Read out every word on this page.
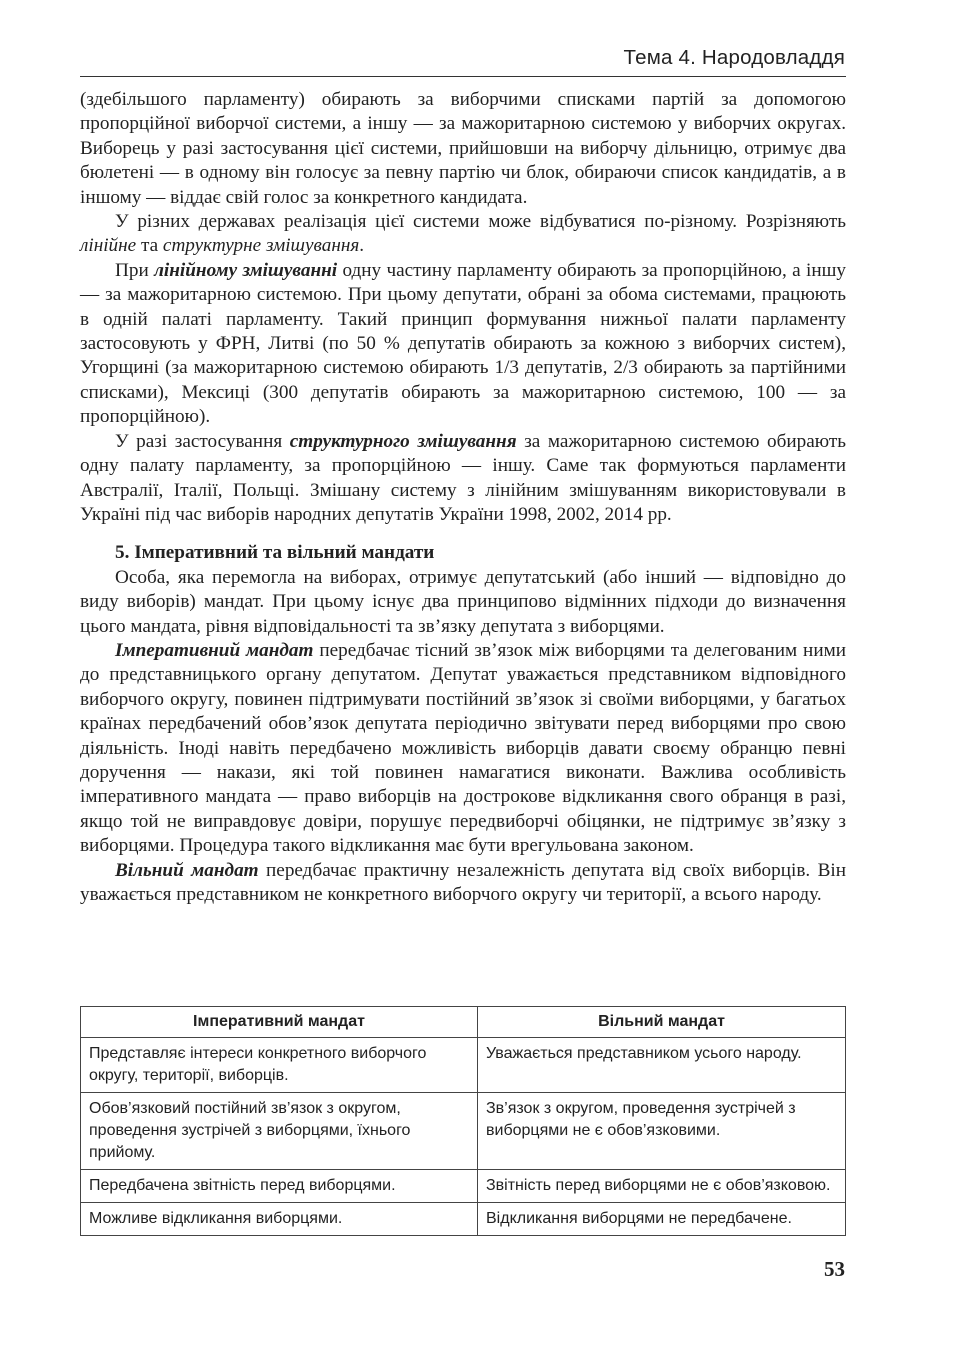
Тема 4. Народовладдя

(здебільшого парламенту) обирають за виборчими списками партій за допомогою пропорційної виборчої системи, а іншу — за мажоритарною системою у виборчих округах. Виборець у разі застосування цієї системи, прийшовши на виборчу дільницю, отримує два бюлетені — в одному він голосує за певну партію чи блок, обираючи список кандидатів, а в іншому — віддає свій голос за конкретного кандидата.

У різних державах реалізація цієї системи може відбуватися по-різному. Розрізняють лінійне та структурне змішування.

При лінійному змішуванні одну частину парламенту обирають за пропорційною, а іншу — за мажоритарною системою. При цьому депутати, обрані за обома системами, працюють в одній палаті парламенту. Такий принцип формування нижньої палати парламенту застосовують у ФРН, Литві (по 50 % депутатів обирають за кожною з виборчих систем), Угорщині (за мажоритарною системою обирають 1/3 депутатів, 2/3 обирають за партійними списками), Мексиці (300 депутатів обирають за мажоритарною системою, 100 — за пропорційною).

У разі застосування структурного змішування за мажоритарною системою обирають одну палату парламенту, за пропорційною — іншу. Саме так формуються парламенти Австралії, Італії, Польщі. Змішану систему з лінійним змішуванням використовували в Україні під час виборів народних депутатів України 1998, 2002, 2014 рр.

5. Імперативний та вільний мандати

Особа, яка перемогла на виборах, отримує депутатський (або інший — відповідно до виду виборів) мандат. При цьому існує два принципово відмінних підходи до визначення цього мандата, рівня відповідальності та зв’язку депутата з виборцями.

Імперативний мандат передбачає тісний зв’язок між виборцями та делегованим ними до представницького органу депутатом. Депутат уважається представником відповідного виборчого округу, повинен підтримувати постійний зв’язок зі своїми виборцями, у багатьох країнах передбачений обов’язок депутата періодично звітувати перед виборцями про свою діяльність. Іноді навіть передбачено можливість виборців давати своєму обранцю певні доручення — накази, які той повинен намагатися виконати. Важлива особливість імперативного мандата — право виборців на дострокове відкликання свого обранця в разі, якщо той не виправдовує довіри, порушує передвиборчі обіцянки, не підтримує зв’язку з виборцями. Процедура такого відкликання має бути врегульована законом.

Вільний мандат передбачає практичну незалежність депутата від своїх виборців. Він уважається представником не конкретного виборчого округу чи території, а всього народу.

Імперативний мандат	Вільний мандат
Представляє інтереси конкретного виборчого округу, території, виборців.	Уважається представником усього народу.
Обов’язковий постійний зв’язок з округом, проведення зустрічей з виборцями, їхнього прийому.	Зв’язок з округом, проведення зустрічей з виборцями не є обов’язковими.
Передбачена звітність перед виборцями.	Звітність перед виборцями не є обов’язковою.
Можливе відкликання виборцями.	Відкликання виборцями не передбачене.
53
